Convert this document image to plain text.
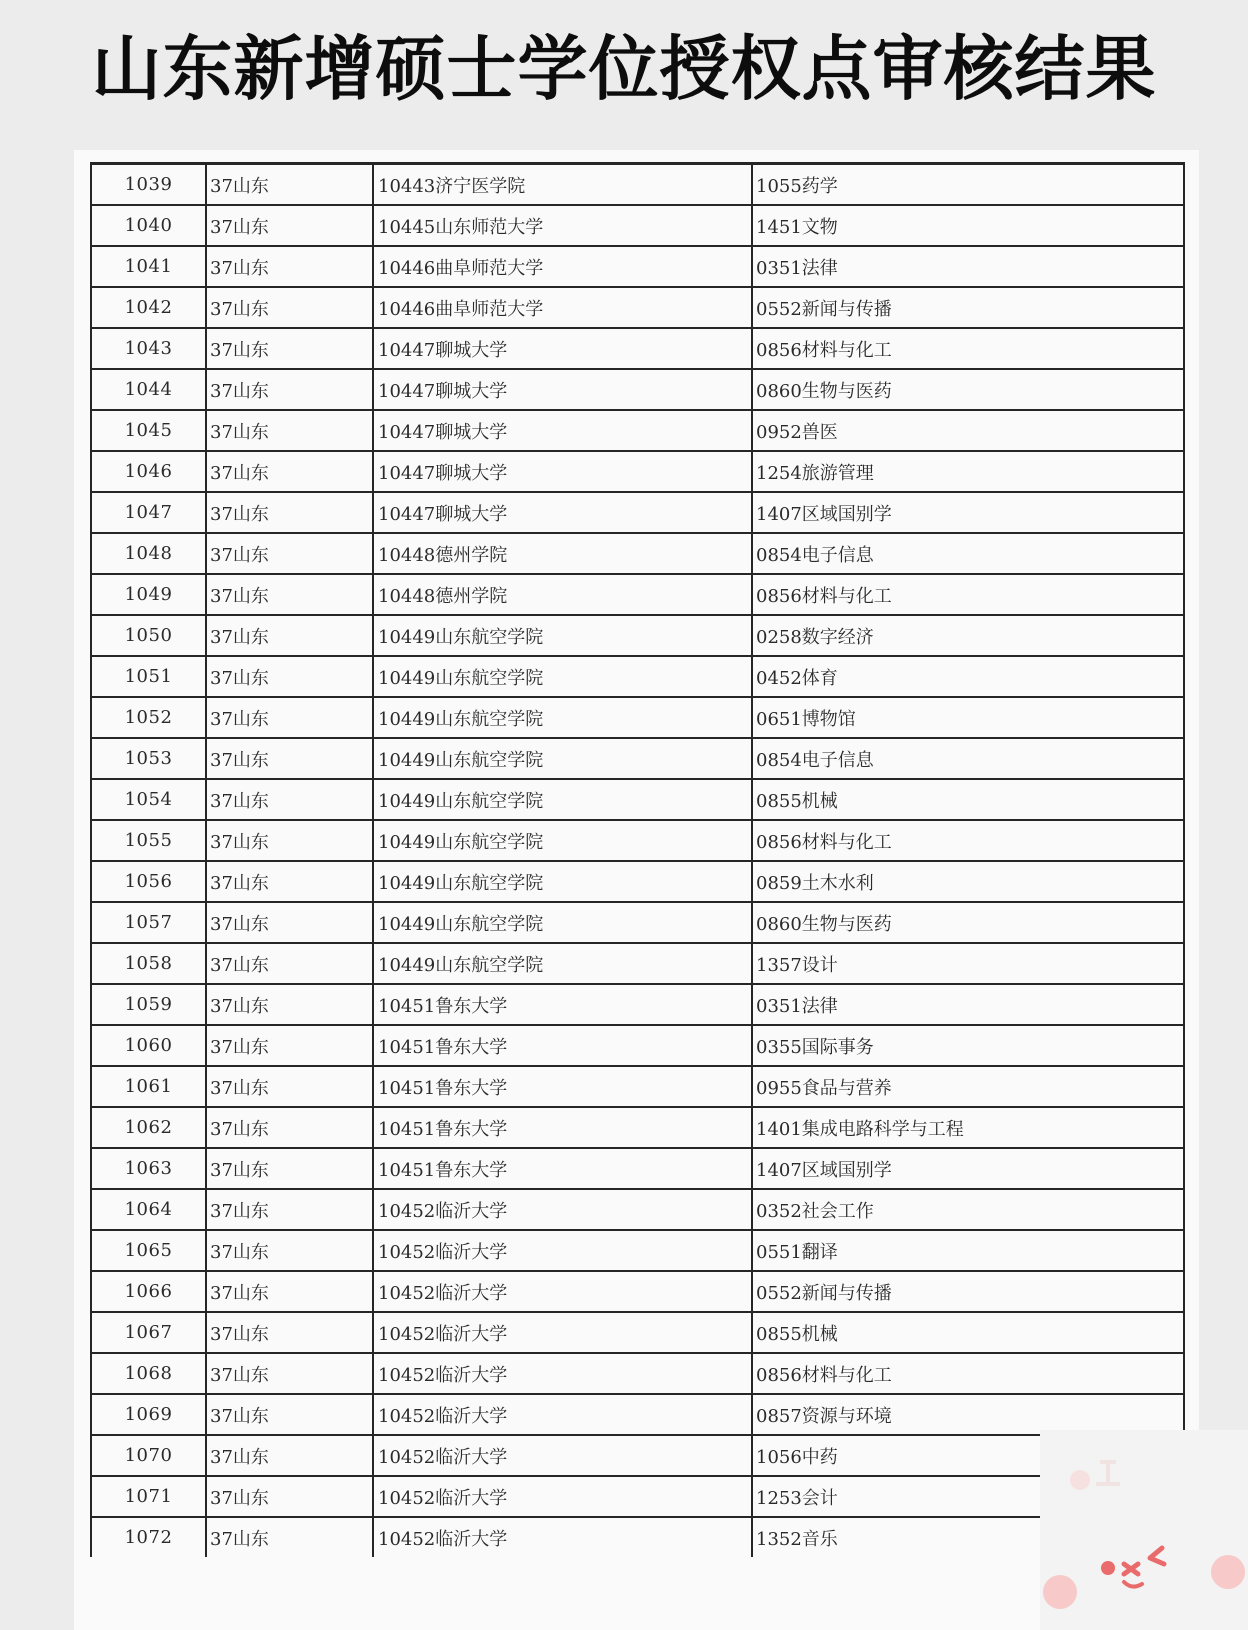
山东新增硕士学位授权点审核结果
1039	37山东	10443济宁医学院	1055药学
1040	37山东	10445山东师范大学	1451文物
1041	37山东	10446曲阜师范大学	0351法律
1042	37山东	10446曲阜师范大学	0552新闻与传播
1043	37山东	10447聊城大学	0856材料与化工
1044	37山东	10447聊城大学	0860生物与医药
1045	37山东	10447聊城大学	0952兽医
1046	37山东	10447聊城大学	1254旅游管理
1047	37山东	10447聊城大学	1407区域国别学
1048	37山东	10448德州学院	0854电子信息
1049	37山东	10448德州学院	0856材料与化工
1050	37山东	10449山东航空学院	0258数字经济
1051	37山东	10449山东航空学院	0452体育
1052	37山东	10449山东航空学院	0651博物馆
1053	37山东	10449山东航空学院	0854电子信息
1054	37山东	10449山东航空学院	0855机械
1055	37山东	10449山东航空学院	0856材料与化工
1056	37山东	10449山东航空学院	0859土木水利
1057	37山东	10449山东航空学院	0860生物与医药
1058	37山东	10449山东航空学院	1357设计
1059	37山东	10451鲁东大学	0351法律
1060	37山东	10451鲁东大学	0355国际事务
1061	37山东	10451鲁东大学	0955食品与营养
1062	37山东	10451鲁东大学	1401集成电路科学与工程
1063	37山东	10451鲁东大学	1407区域国别学
1064	37山东	10452临沂大学	0352社会工作
1065	37山东	10452临沂大学	0551翻译
1066	37山东	10452临沂大学	0552新闻与传播
1067	37山东	10452临沂大学	0855机械
1068	37山东	10452临沂大学	0856材料与化工
1069	37山东	10452临沂大学	0857资源与环境
1070	37山东	10452临沂大学	1056中药
1071	37山东	10452临沂大学	1253会计
1072	37山东	10452临沂大学	1352音乐
